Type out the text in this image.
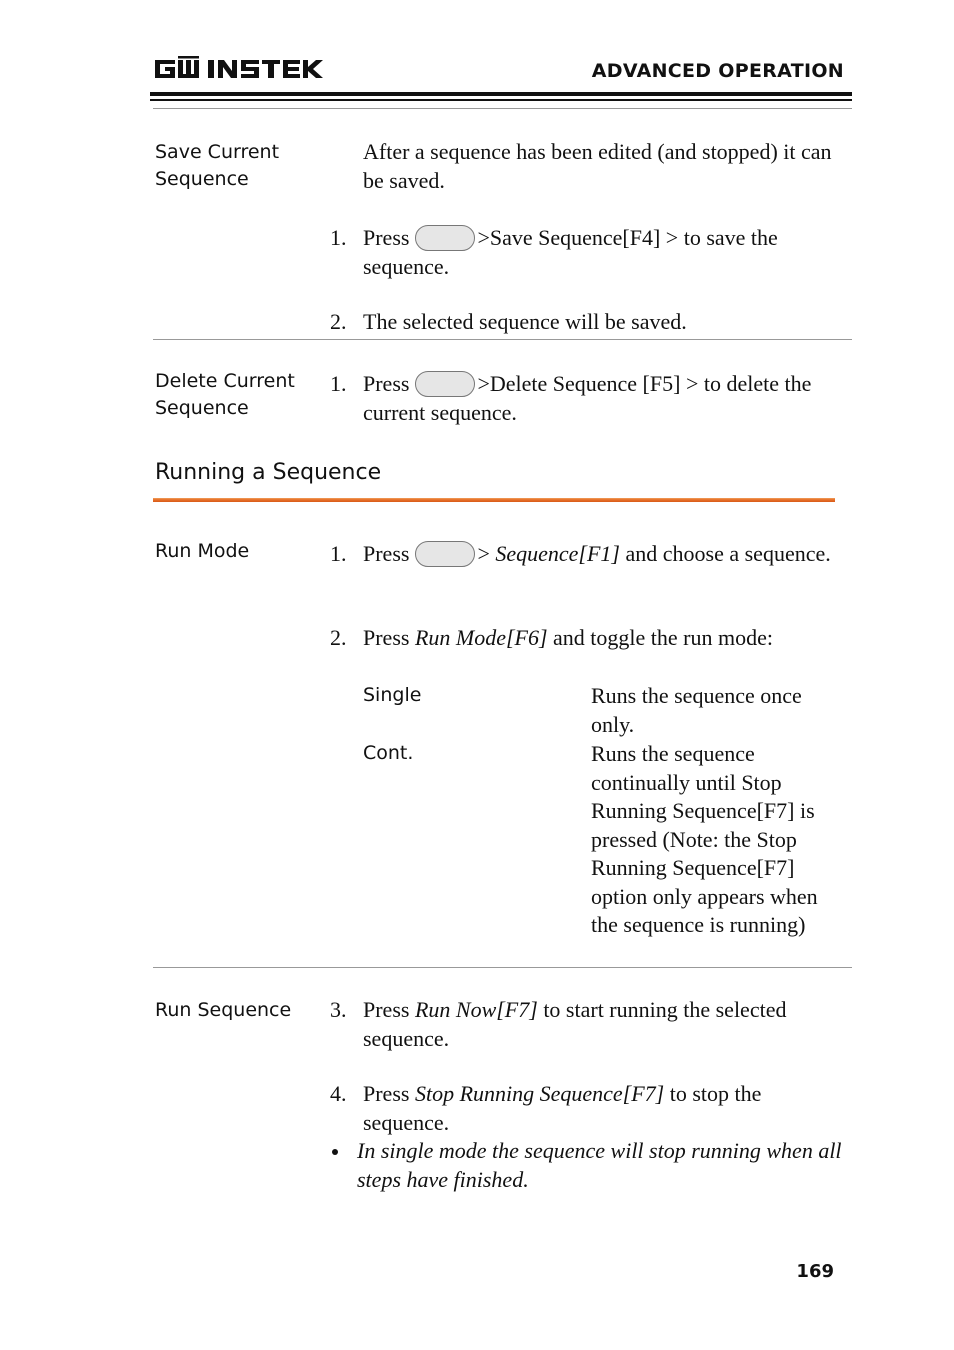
ADVANCED OPERATION
Save Current Sequence
After a sequence has been edited (and stopped) it can be saved.
1. Press	>Save Sequence[F4] > to save the sequence.
2. The selected sequence will be saved.
Delete Current Sequence
1. Press	>Delete Sequence [F5] > to delete the current sequence.
Running a Sequence
Run Mode	1. Press	> Sequence[F1] and choose a sequence.
2. Press Run Mode[F6] and toggle the run mode:
Single	Runs the sequence once only.
Cont.	Runs the sequence continually until Stop Running Sequence[F7] is pressed (Note: the Stop Running Sequence[F7] option only appears when the sequence is running)
Run Sequence 3. Press Run Now[F7] to start running the selected sequence.
4. Press Stop Running Sequence[F7] to stop the sequence.
In single mode the sequence will stop running when all steps have finished.
169
